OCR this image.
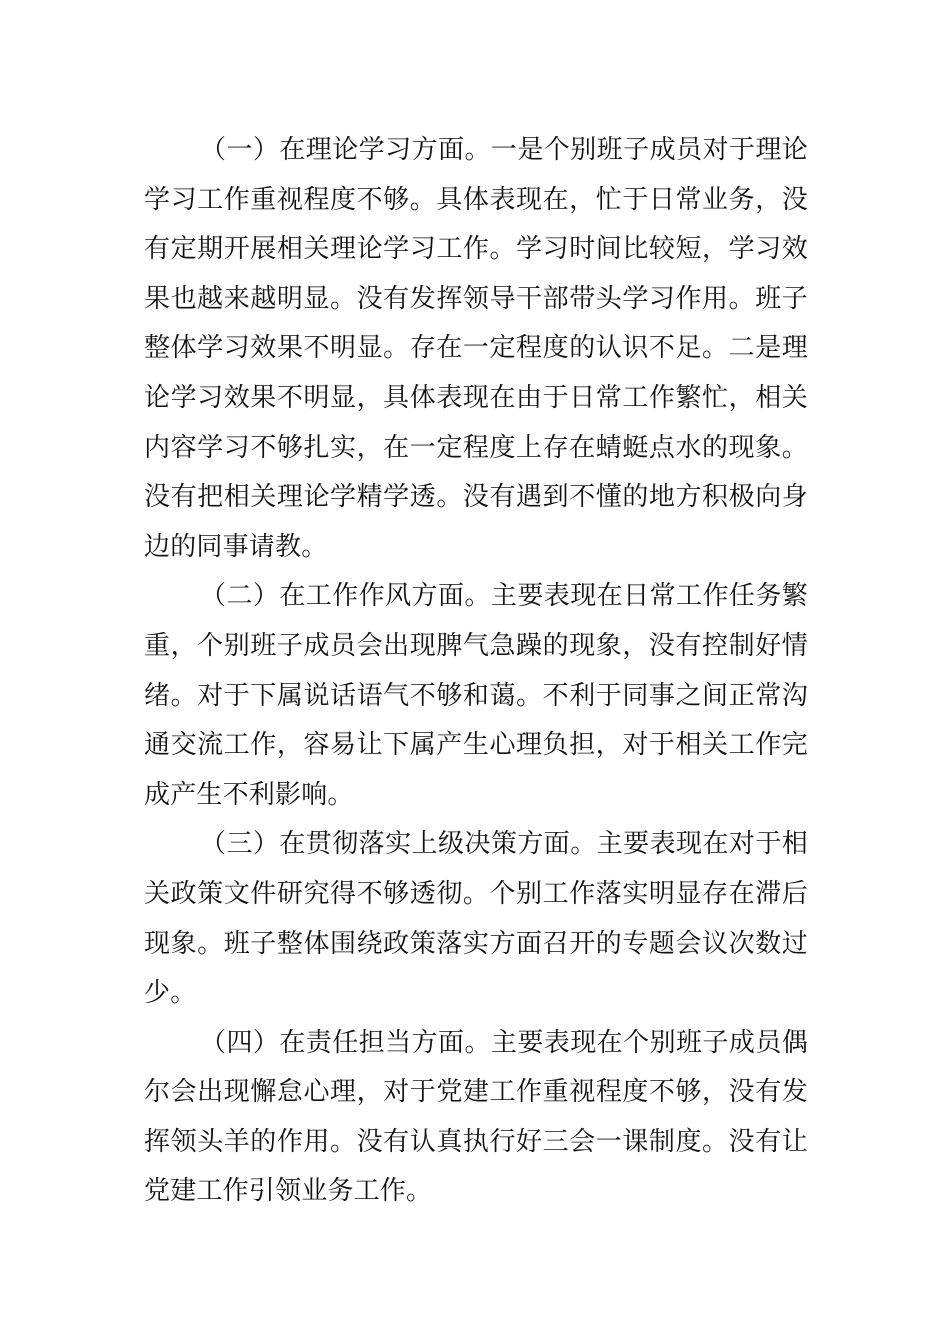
（一）在理论学习方面。一是个别班子成员对于理论学习工作重视程度不够。具体表现在，忙于日常业务，没有定期开展相关理论学习工作。学习时间比较短，学习效果也越来越明显。没有发挥领导干部带头学习作用。班子整体学习效果不明显。存在一定程度的认识不足。二是理论学习效果不明显，具体表现在由于日常工作繁忙，相关内容学习不够扎实，在一定程度上存在蜻蜓点水的现象。没有把相关理论学精学透。没有遇到不懂的地方积极向身边的同事请教。

（二）在工作作风方面。主要表现在日常工作任务繁重，个别班子成员会出现脾气急躁的现象，没有控制好情绪。对于下属说话语气不够和蔼。不利于同事之间正常沟通交流工作，容易让下属产生心理负担，对于相关工作完成产生不利影响。

（三）在贯彻落实上级决策方面。主要表现在对于相关政策文件研究得不够透彻。个别工作落实明显存在滞后现象。班子整体围绕政策落实方面召开的专题会议次数过少。

（四）在责任担当方面。主要表现在个别班子成员偶尔会出现懈怠心理，对于党建工作重视程度不够，没有发挥领头羊的作用。没有认真执行好三会一课制度。没有让党建工作引领业务工作。
